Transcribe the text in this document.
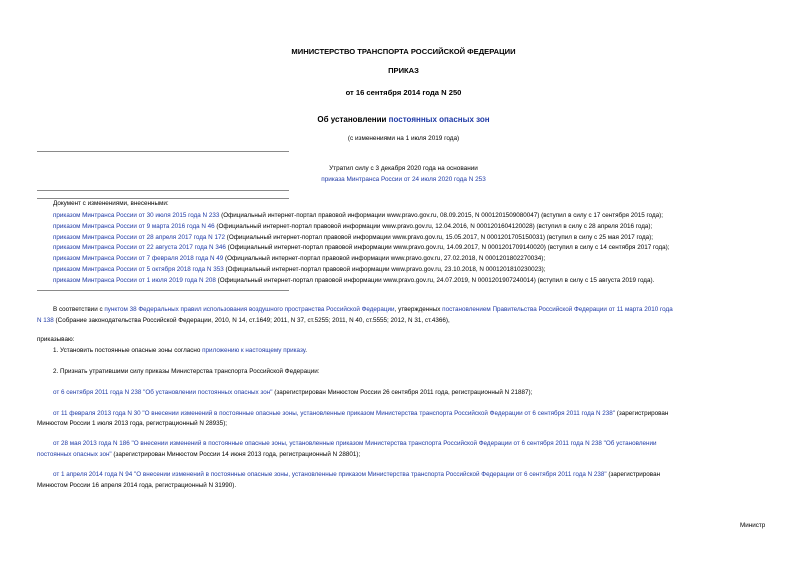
МИНИСТЕРСТВО ТРАНСПОРТА РОССИЙСКОЙ ФЕДЕРАЦИИ
ПРИКАЗ
от 16 сентября 2014 года N 250
Об установлении постоянных опасных зон
(с изменениями на 1 июля 2019 года)
Утратил силу с 3 декабря 2020 года на основании
приказа Минтранса России от 24 июля 2020 года N 253
Документ с изменениями, внесенными:
приказом Минтранса России от 30 июля 2015 года N 233 (Официальный интернет-портал правовой информации www.pravo.gov.ru, 08.09.2015, N 0001201509080047) (вступил в силу с 17 сентября 2015 года);
приказом Минтранса России от 9 марта 2016 года N 46 (Официальный интернет-портал правовой информации www.pravo.gov.ru, 12.04.2016, N 0001201604120028) (вступил в силу с 28 апреля 2016 года);
приказом Минтранса России от 28 апреля 2017 года N 172 (Официальный интернет-портал правовой информации www.pravo.gov.ru, 15.05.2017, N 0001201705150031) (вступил в силу с 25 мая 2017 года);
приказом Минтранса России от 22 августа 2017 года N 346 (Официальный интернет-портал правовой информации www.pravo.gov.ru, 14.09.2017, N 0001201709140020) (вступил в силу с 14 сентября 2017 года);
приказом Минтранса России от 7 февраля 2018 года N 49 (Официальный интернет-портал правовой информации www.pravo.gov.ru, 27.02.2018, N 0001201802270034);
приказом Минтранса России от 5 октября 2018 года N 353 (Официальный интернет-портал правовой информации www.pravo.gov.ru, 23.10.2018, N 0001201810230023);
приказом Минтранса России от 1 июля 2019 года N 208 (Официальный интернет-портал правовой информации www.pravo.gov.ru, 24.07.2019, N 0001201907240014) (вступил в силу с 15 августа 2019 года).
В соответствии с пунктом 38 Федеральных правил использования воздушного пространства Российской Федерации, утвержденных постановлением Правительства Российской Федерации от 11 марта 2010 года
N 138 (Собрание законодательства Российской Федерации, 2010, N 14, ст.1649; 2011, N 37, ст.5255; 2011, N 40, ст.5555; 2012, N 31, ст.4366),
приказываю:
1. Установить постоянные опасные зоны согласно приложению к настоящему приказу.
2. Признать утратившими силу приказы Министерства транспорта Российской Федерации:
от 6 сентября 2011 года N 238 "Об установлении постоянных опасных зон" (зарегистрирован Минюстом России 26 сентября 2011 года, регистрационный N 21887);
от 11 февраля 2013 года N 30 "О внесении изменений в постоянные опасные зоны, установленные приказом Министерства транспорта Российской Федерации от 6 сентября 2011 года N 238" (зарегистрирован
Минюстом России 1 июля 2013 года, регистрационный N 28935);
от 28 мая 2013 года N 186 "О внесении изменений в постоянные опасные зоны, установленные приказом Министерства транспорта Российской Федерации от 6 сентября 2011 года N 238 "Об установлении
постоянных опасных зон" (зарегистрирован Минюстом России 14 июня 2013 года, регистрационный N 28801);
от 1 апреля 2014 года N 94 "О внесении изменений в постоянные опасные зоны, установленные приказом Министерства транспорта Российской Федерации от 6 сентября 2011 года N 238" (зарегистрирован
Минюстом России 16 апреля 2014 года, регистрационный N 31990).
Министр
